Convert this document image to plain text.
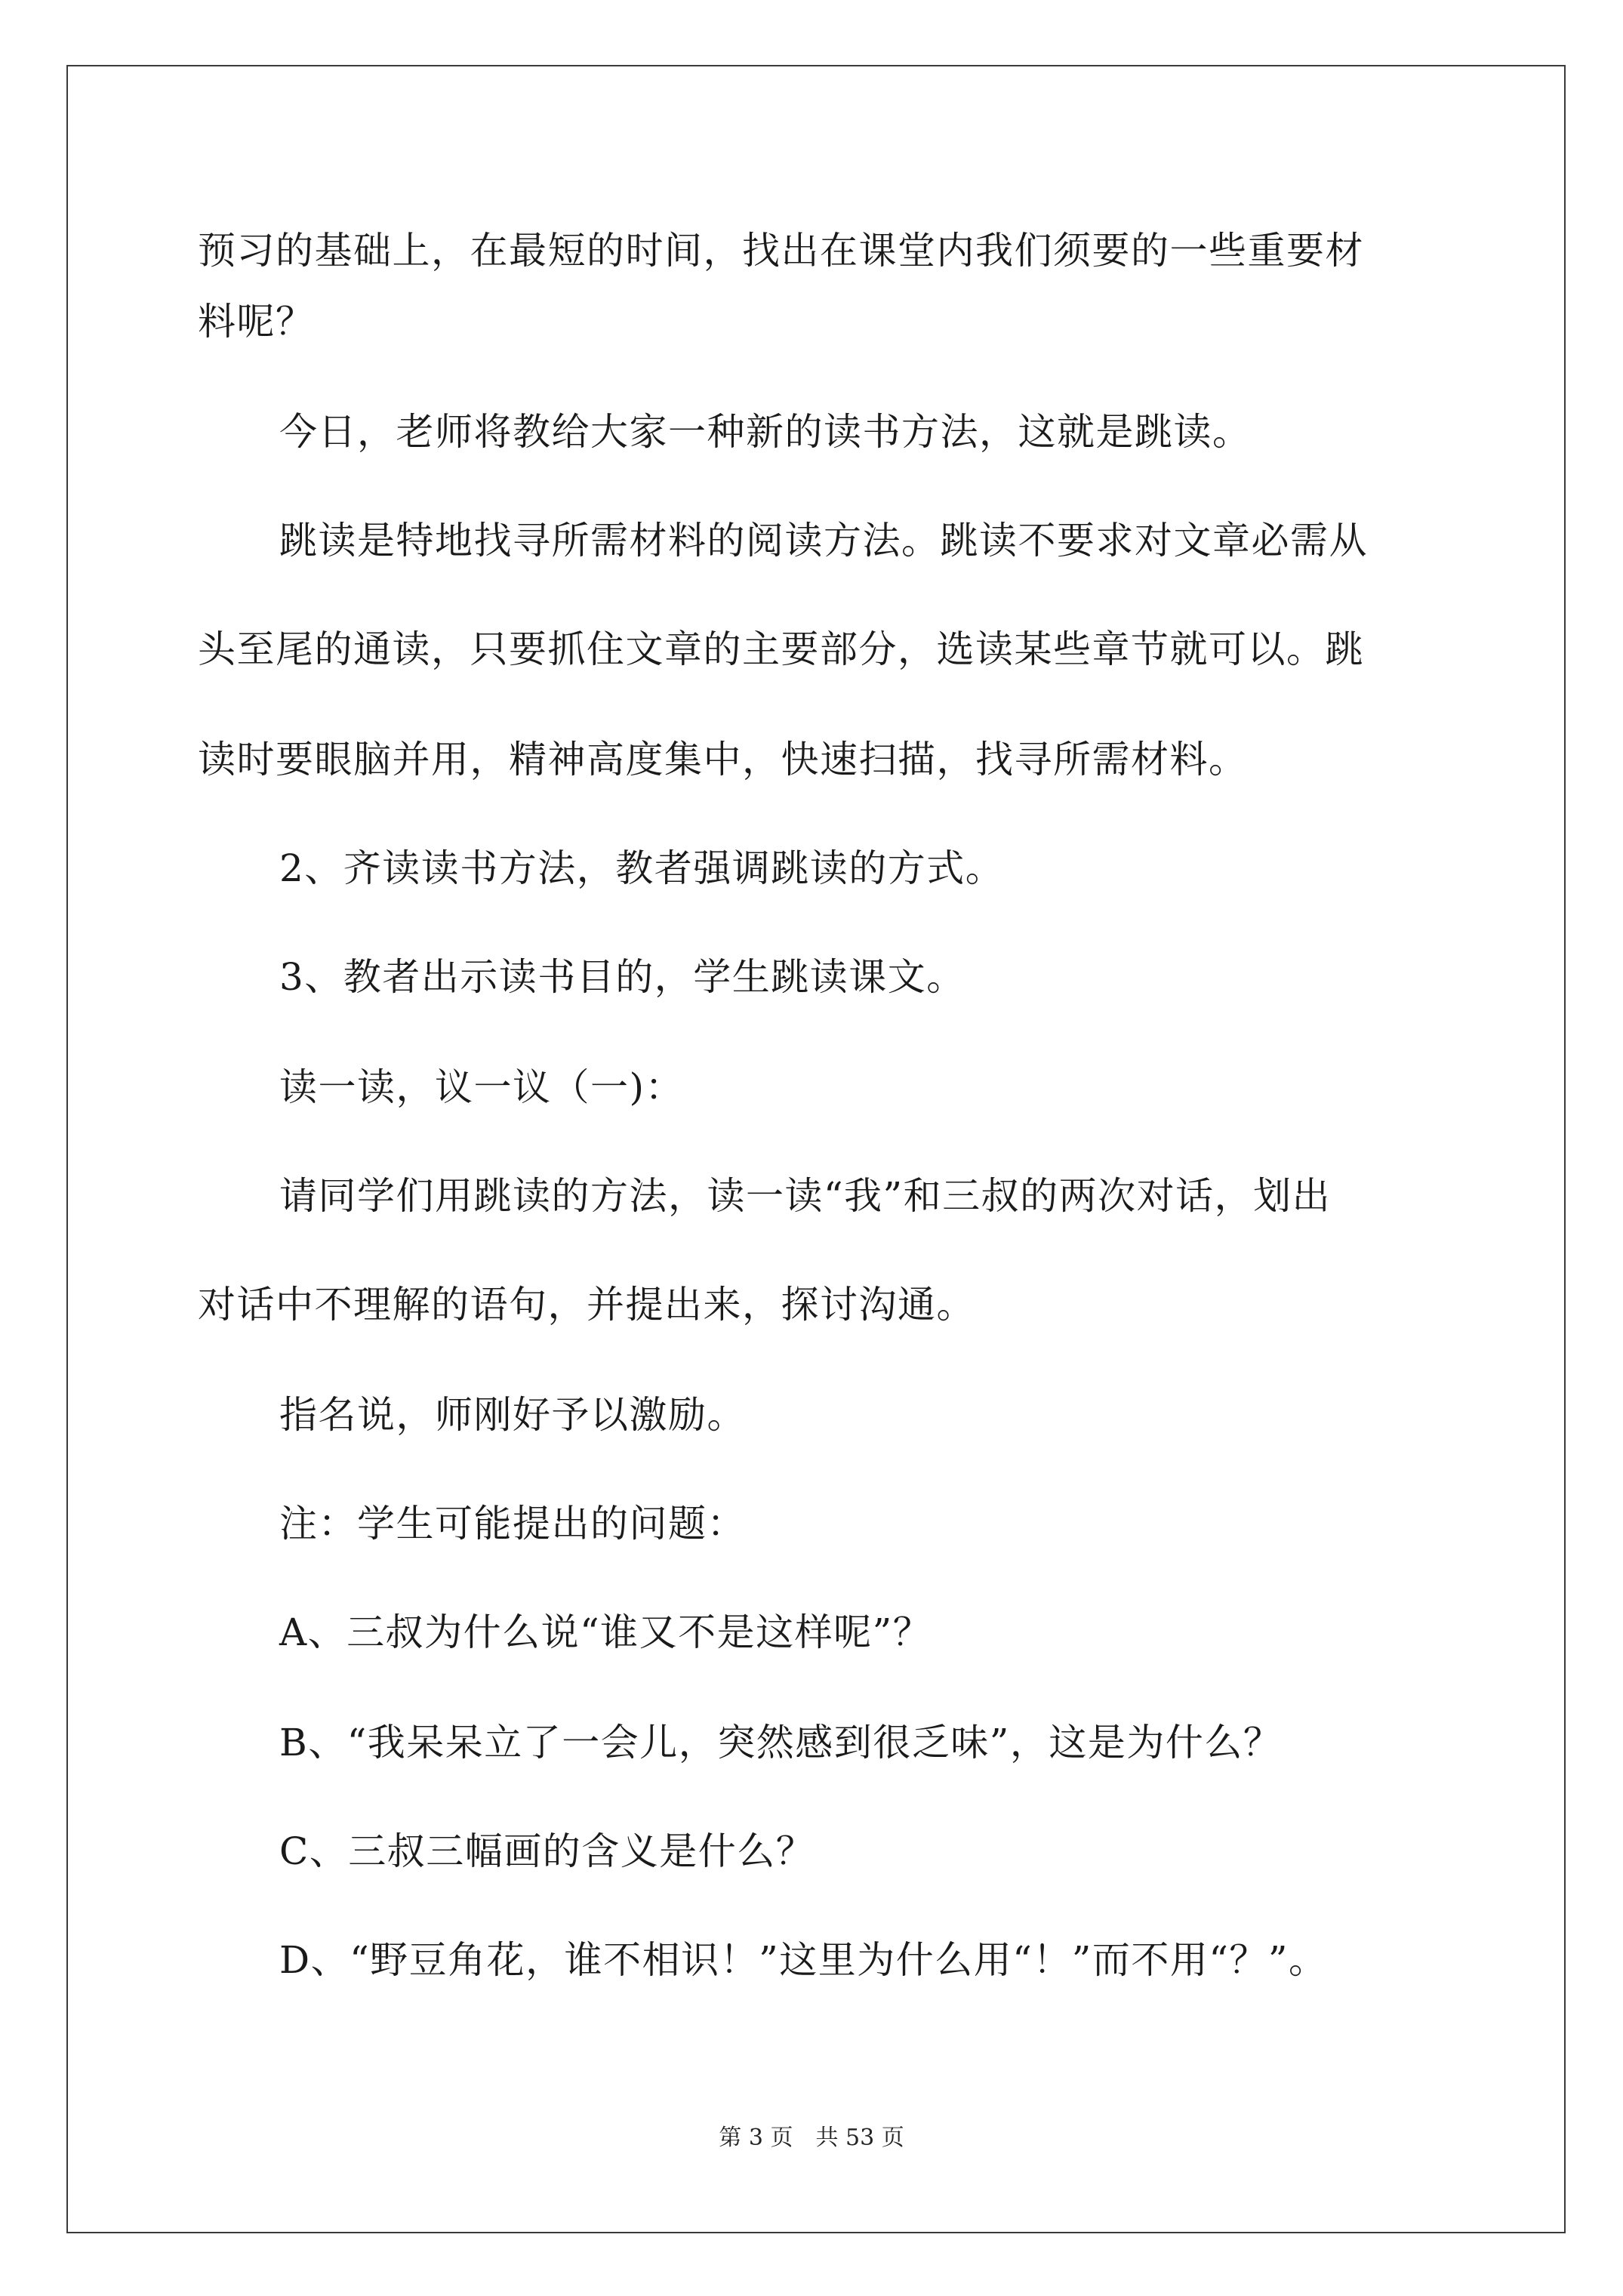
预习的基础上，在最短的时间，找出在课堂内我们须要的一些重要材
料呢？
今日，老师将教给大家一种新的读书方法，这就是跳读。
跳读是特地找寻所需材料的阅读方法。跳读不要求对文章必需从
头至尾的通读，只要抓住文章的主要部分，选读某些章节就可以。跳
读时要眼脑并用，精神高度集中，快速扫描，找寻所需材料。
2、齐读读书方法，教者强调跳读的方式。
3、教者出示读书目的，学生跳读课文。
读一读，议一议（一)：
请同学们用跳读的方法，读一读“我”和三叔的两次对话，划出
对话中不理解的语句，并提出来，探讨沟通。
指名说，师刚好予以激励。
注：学生可能提出的问题：
A、三叔为什么说“谁又不是这样呢”？
B、“我呆呆立了一会儿，突然感到很乏味”，这是为什么？
C、三叔三幅画的含义是什么？
D、“野豆角花，谁不相识！”这里为什么用“！”而不用“？”。
第 3 页　共 53 页
